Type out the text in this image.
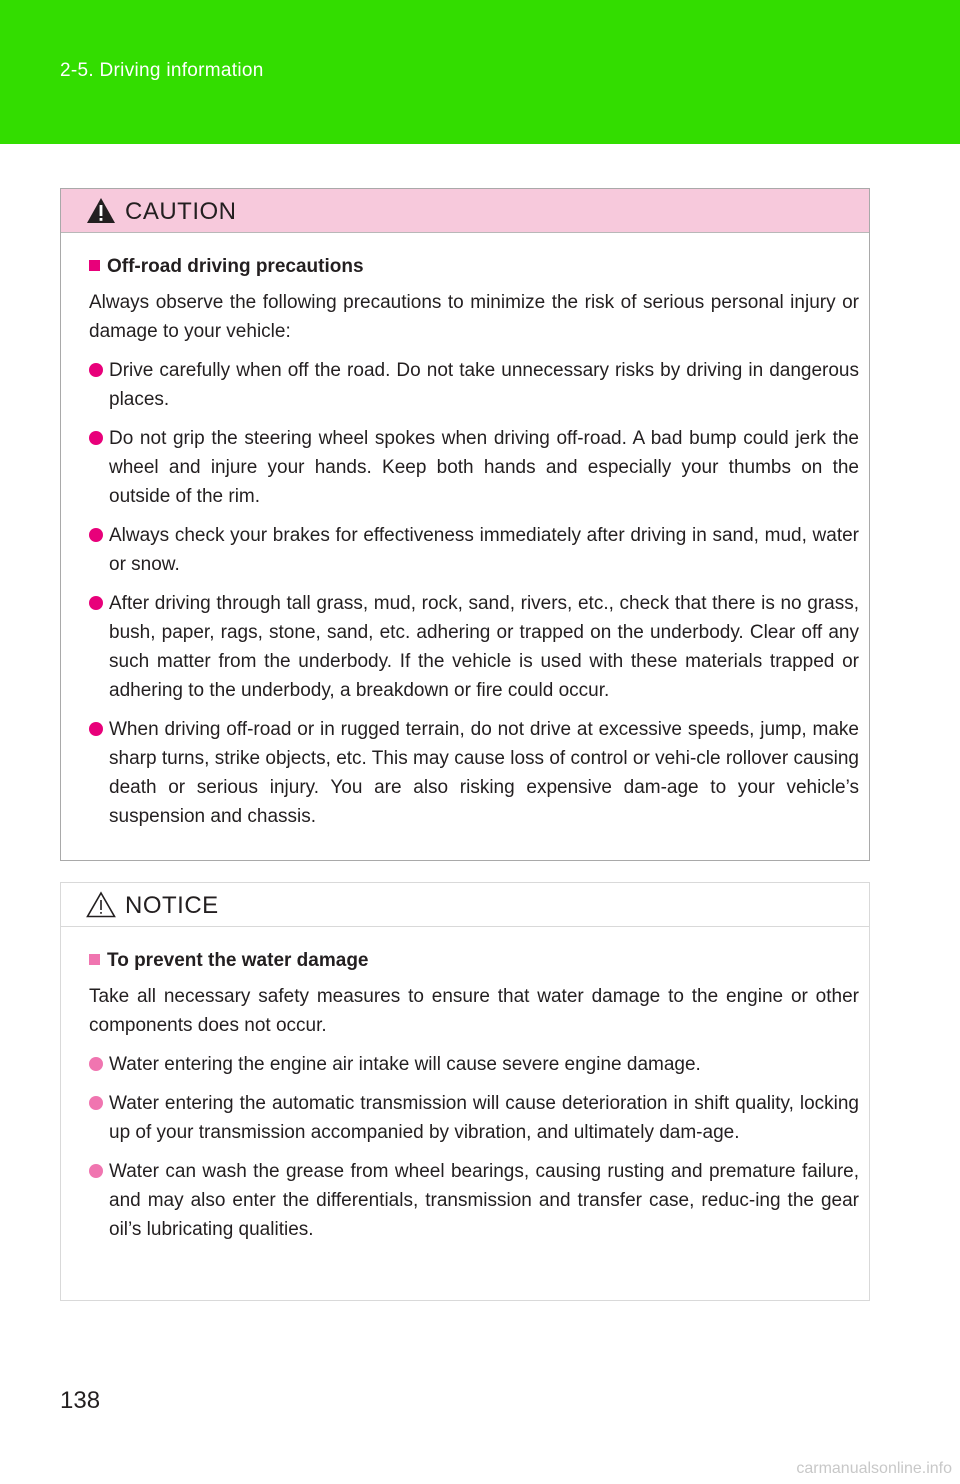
2-5. Driving information
CAUTION
Off-road driving precautions

Always observe the following precautions to minimize the risk of serious personal injury or damage to your vehicle:

Drive carefully when off the road. Do not take unnecessary risks by driving in dangerous places.
Do not grip the steering wheel spokes when driving off-road. A bad bump could jerk the wheel and injure your hands. Keep both hands and especially your thumbs on the outside of the rim.
Always check your brakes for effectiveness immediately after driving in sand, mud, water or snow.
After driving through tall grass, mud, rock, sand, rivers, etc., check that there is no grass, bush, paper, rags, stone, sand, etc. adhering or trapped on the underbody. Clear off any such matter from the underbody. If the vehicle is used with these materials trapped or adhering to the underbody, a breakdown or fire could occur.
When driving off-road or in rugged terrain, do not drive at excessive speeds, jump, make sharp turns, strike objects, etc. This may cause loss of control or vehi-cle rollover causing death or serious injury. You are also risking expensive dam-age to your vehicle’s suspension and chassis.
NOTICE
To prevent the water damage

Take all necessary safety measures to ensure that water damage to the engine or other components does not occur.

Water entering the engine air intake will cause severe engine damage.
Water entering the automatic transmission will cause deterioration in shift quality, locking up of your transmission accompanied by vibration, and ultimately dam-age.
Water can wash the grease from wheel bearings, causing rusting and premature failure, and may also enter the differentials, transmission and transfer case, reduc-ing the gear oil’s lubricating qualities.
138
carmanualsonline.info
